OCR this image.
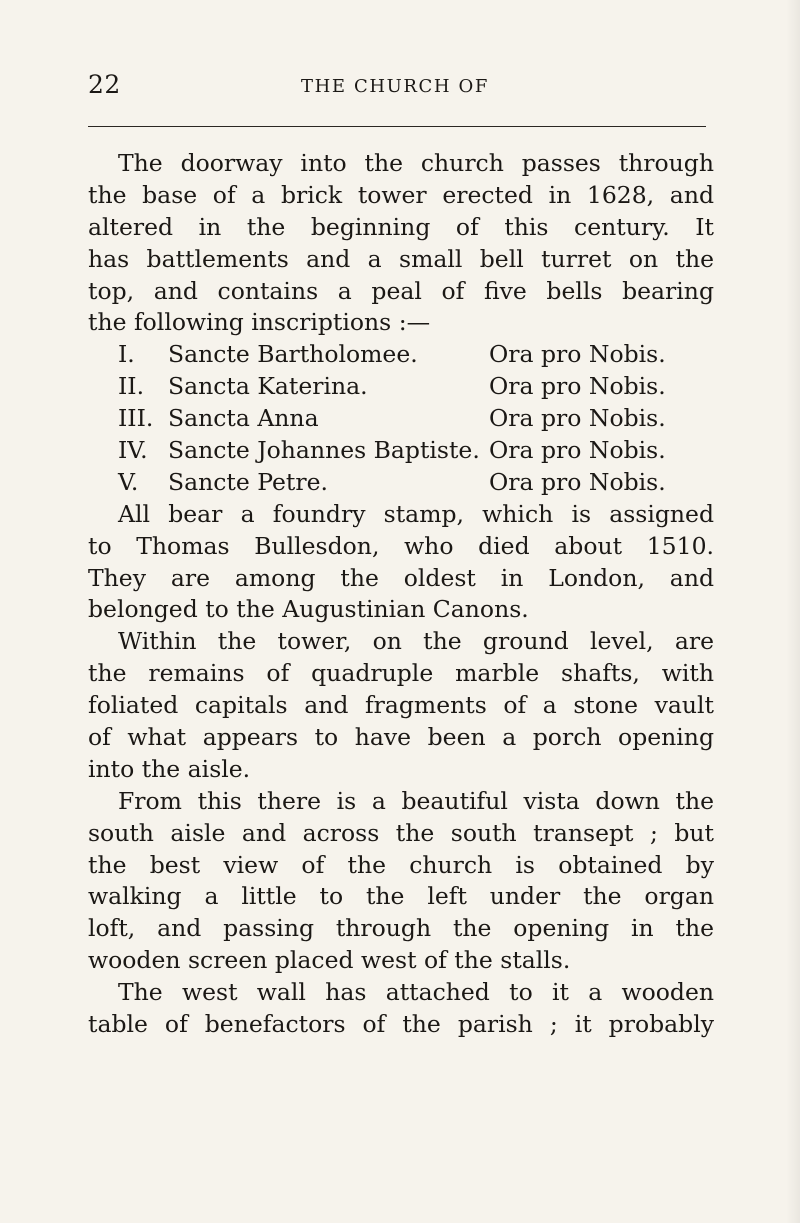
22	THE CHURCH OF
The doorway into the church passes through
the base of a brick tower erected in 1628, and
altered in the beginning of this century. It
has battlements and a small bell turret on the
top, and contains a peal of five bells bearing
the following inscriptions :—
I.	Sancte Bartholomee.	Ora pro Nobis.
II.	Sancta Katerina.	Ora pro Nobis.
III. Sancta Anna	Ora pro Nobis.
IV. Sancte Johannes Baptiste. Ora pro Nobis.
V.	Sancte Petre.	Ora pro Nobis.
All bear a foundry stamp, which is assigned
to Thomas Bullesdon, who died about 1510.
They are among the oldest in London, and
belonged to the Augustinian Canons.
Within the tower, on the ground level, are
the remains of quadruple marble shafts, with
foliated capitals and fragments of a stone vault
of what appears to have been a porch opening
into the aisle.
From this there is a beautiful vista down the
south aisle and across the south transept ; but
the best view of the church is obtained by
walking a little to the left under the organ
loft, and passing through the opening in the
wooden screen placed west of the stalls.
The west wall has attached to it a wooden
table of benefactors of the parish ; it probably
